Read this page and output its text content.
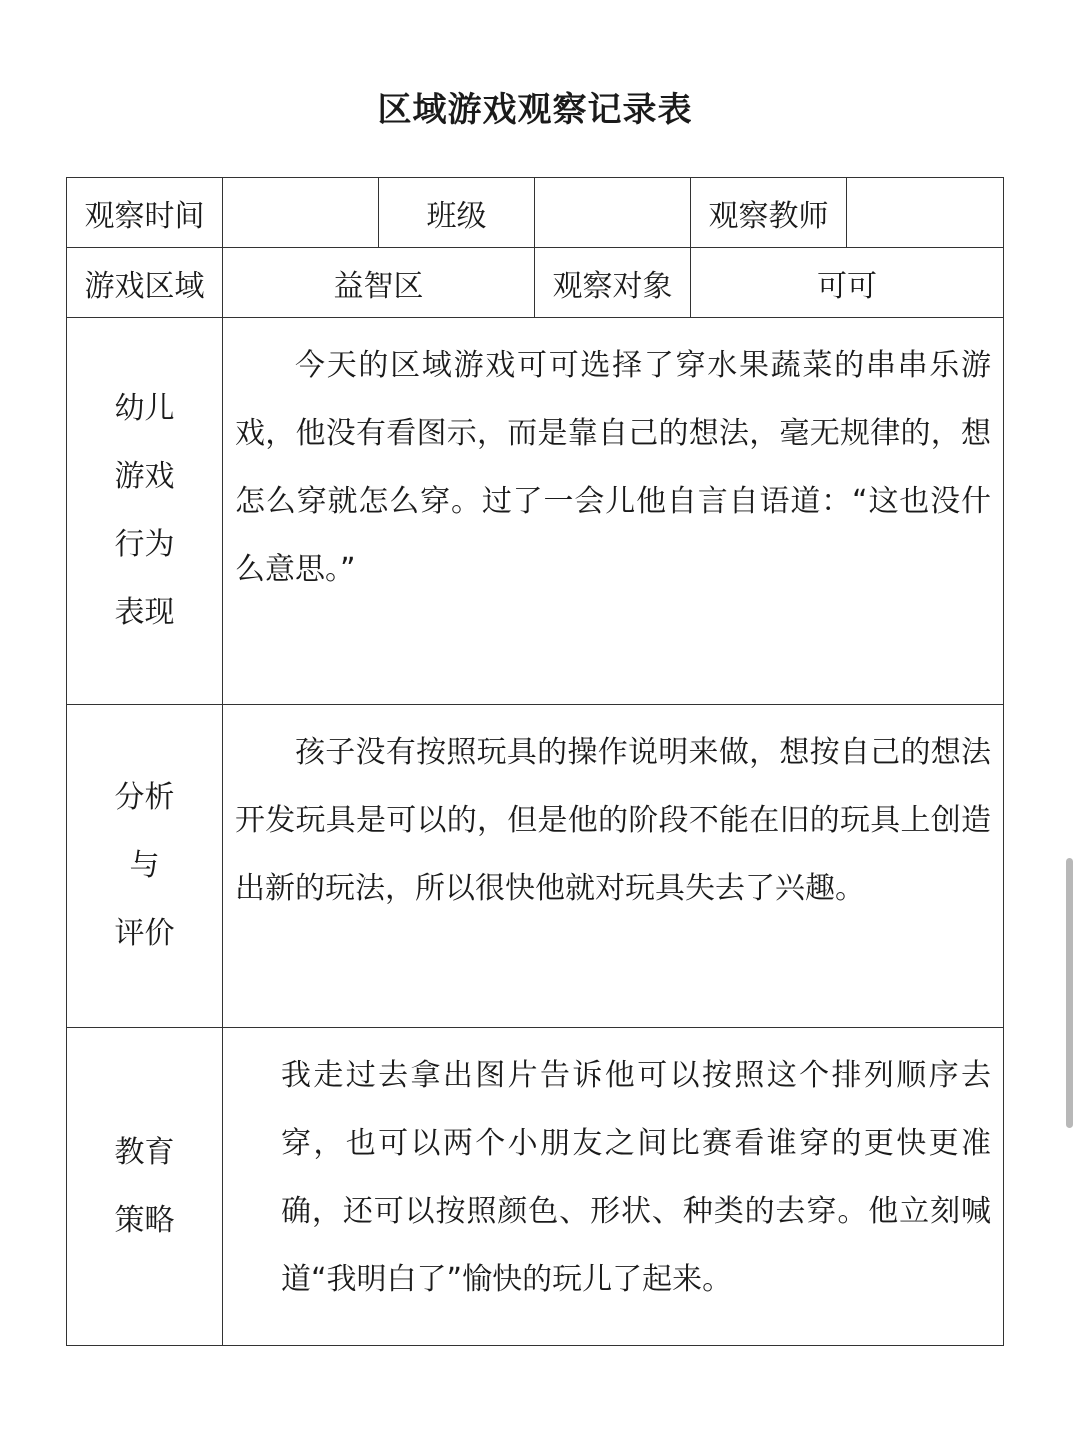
区域游戏观察记录表
观察时间		班级		观察教师	
游戏区域	益智区		观察对象	可可	

幼儿
游戏
行为
表现	今天的区域游戏可可选择了穿水果蔬菜的串串乐游戏，他没有看图示，而是靠自己的想法，毫无规律的，想怎么穿就怎么穿。过了一会儿他自言自语道：“这也没什么意思。”				

分析
与
评价	孩子没有按照玩具的操作说明来做，想按自己的想法开发玩具是可以的，但是他的阶段不能在旧的玩具上创造出新的玩法，所以很快他就对玩具失去了兴趣。				

教育
策略	我走过去拿出图片告诉他可以按照这个排列顺序去穿，也可以两个小朋友之间比赛看谁穿的更快更准确，还可以按照颜色、形状、种类的去穿。他立刻喊道“我明白了”愉快的玩儿了起来。				
